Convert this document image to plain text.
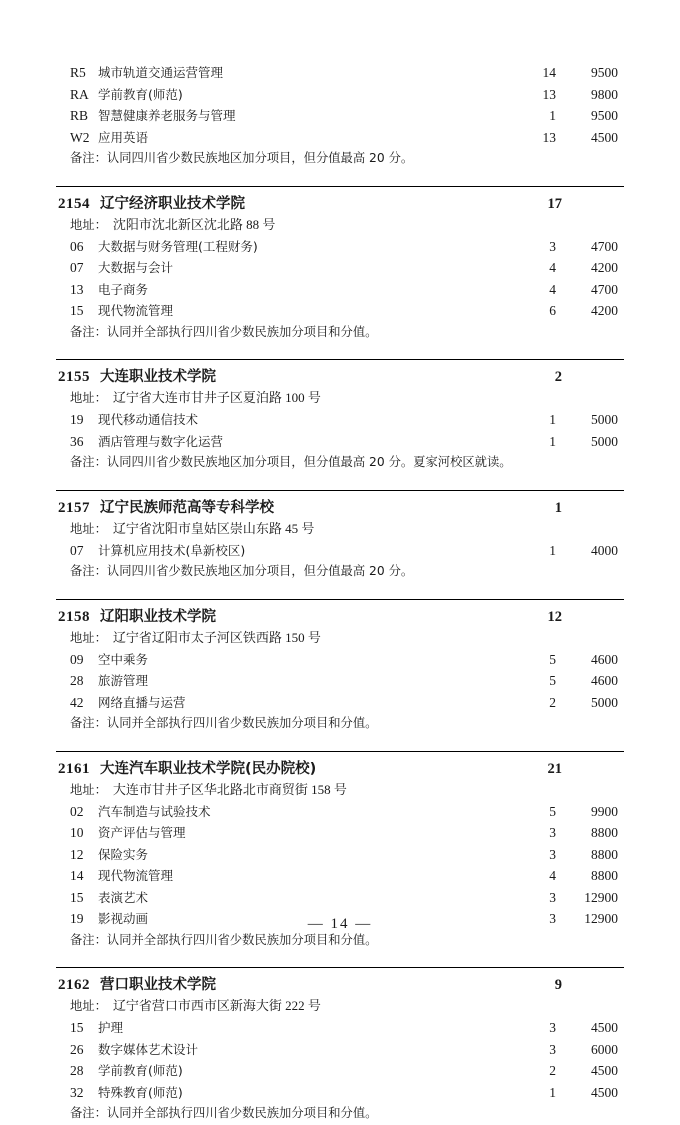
R5 城市轨道交通运营管理	14	9500
RA 学前教育(师范)	13	9800
RB 智慧健康养老服务与管理	1	9500
W2 应用英语	13	4500
备注：认同四川省少数民族地区加分项目，但分值最高 20 分。
2154 辽宁经济职业技术学院	17
地址： 沈阳市沈北新区沈北路 88 号
06	大数据与财务管理(工程财务)	3	4700
07	大数据与会计	4	4200
13	电子商务	4	4700
15	现代物流管理	6	4200
备注：认同并全部执行四川省少数民族加分项目和分值。
2155 大连职业技术学院	2
地址： 辽宁省大连市甘井子区夏泊路 100 号
19	现代移动通信技术	1	5000
36	酒店管理与数字化运营	1	5000
备注：认同四川省少数民族地区加分项目，但分值最高 20 分。夏家河校区就读。
2157 辽宁民族师范高等专科学校	1
地址： 辽宁省沈阳市皇姑区崇山东路 45 号
07	计算机应用技术(阜新校区)	1	4000
备注：认同四川省少数民族地区加分项目，但分值最高 20 分。
2158 辽阳职业技术学院	12
地址： 辽宁省辽阳市太子河区铁西路 150 号
09	空中乘务	5	4600
28	旅游管理	5	4600
42	网络直播与运营	2	5000
备注：认同并全部执行四川省少数民族加分项目和分值。
2161 大连汽车职业技术学院(民办院校)	21
地址： 大连市甘井子区华北路北市商贸街 158 号
02	汽车制造与试验技术	5	9900
10	资产评估与管理	3	8800
12	保险实务	3	8800
14	现代物流管理	4	8800
15	表演艺术	3	12900
19	影视动画	3	12900
备注：认同并全部执行四川省少数民族加分项目和分值。
2162 营口职业技术学院	9
地址： 辽宁省营口市西市区新海大街 222 号
15	护理	3	4500
26	数字媒体艺术设计	3	6000
28	学前教育(师范)	2	4500
32	特殊教育(师范)	1	4500
备注：认同并全部执行四川省少数民族加分项目和分值。
— 14 —
